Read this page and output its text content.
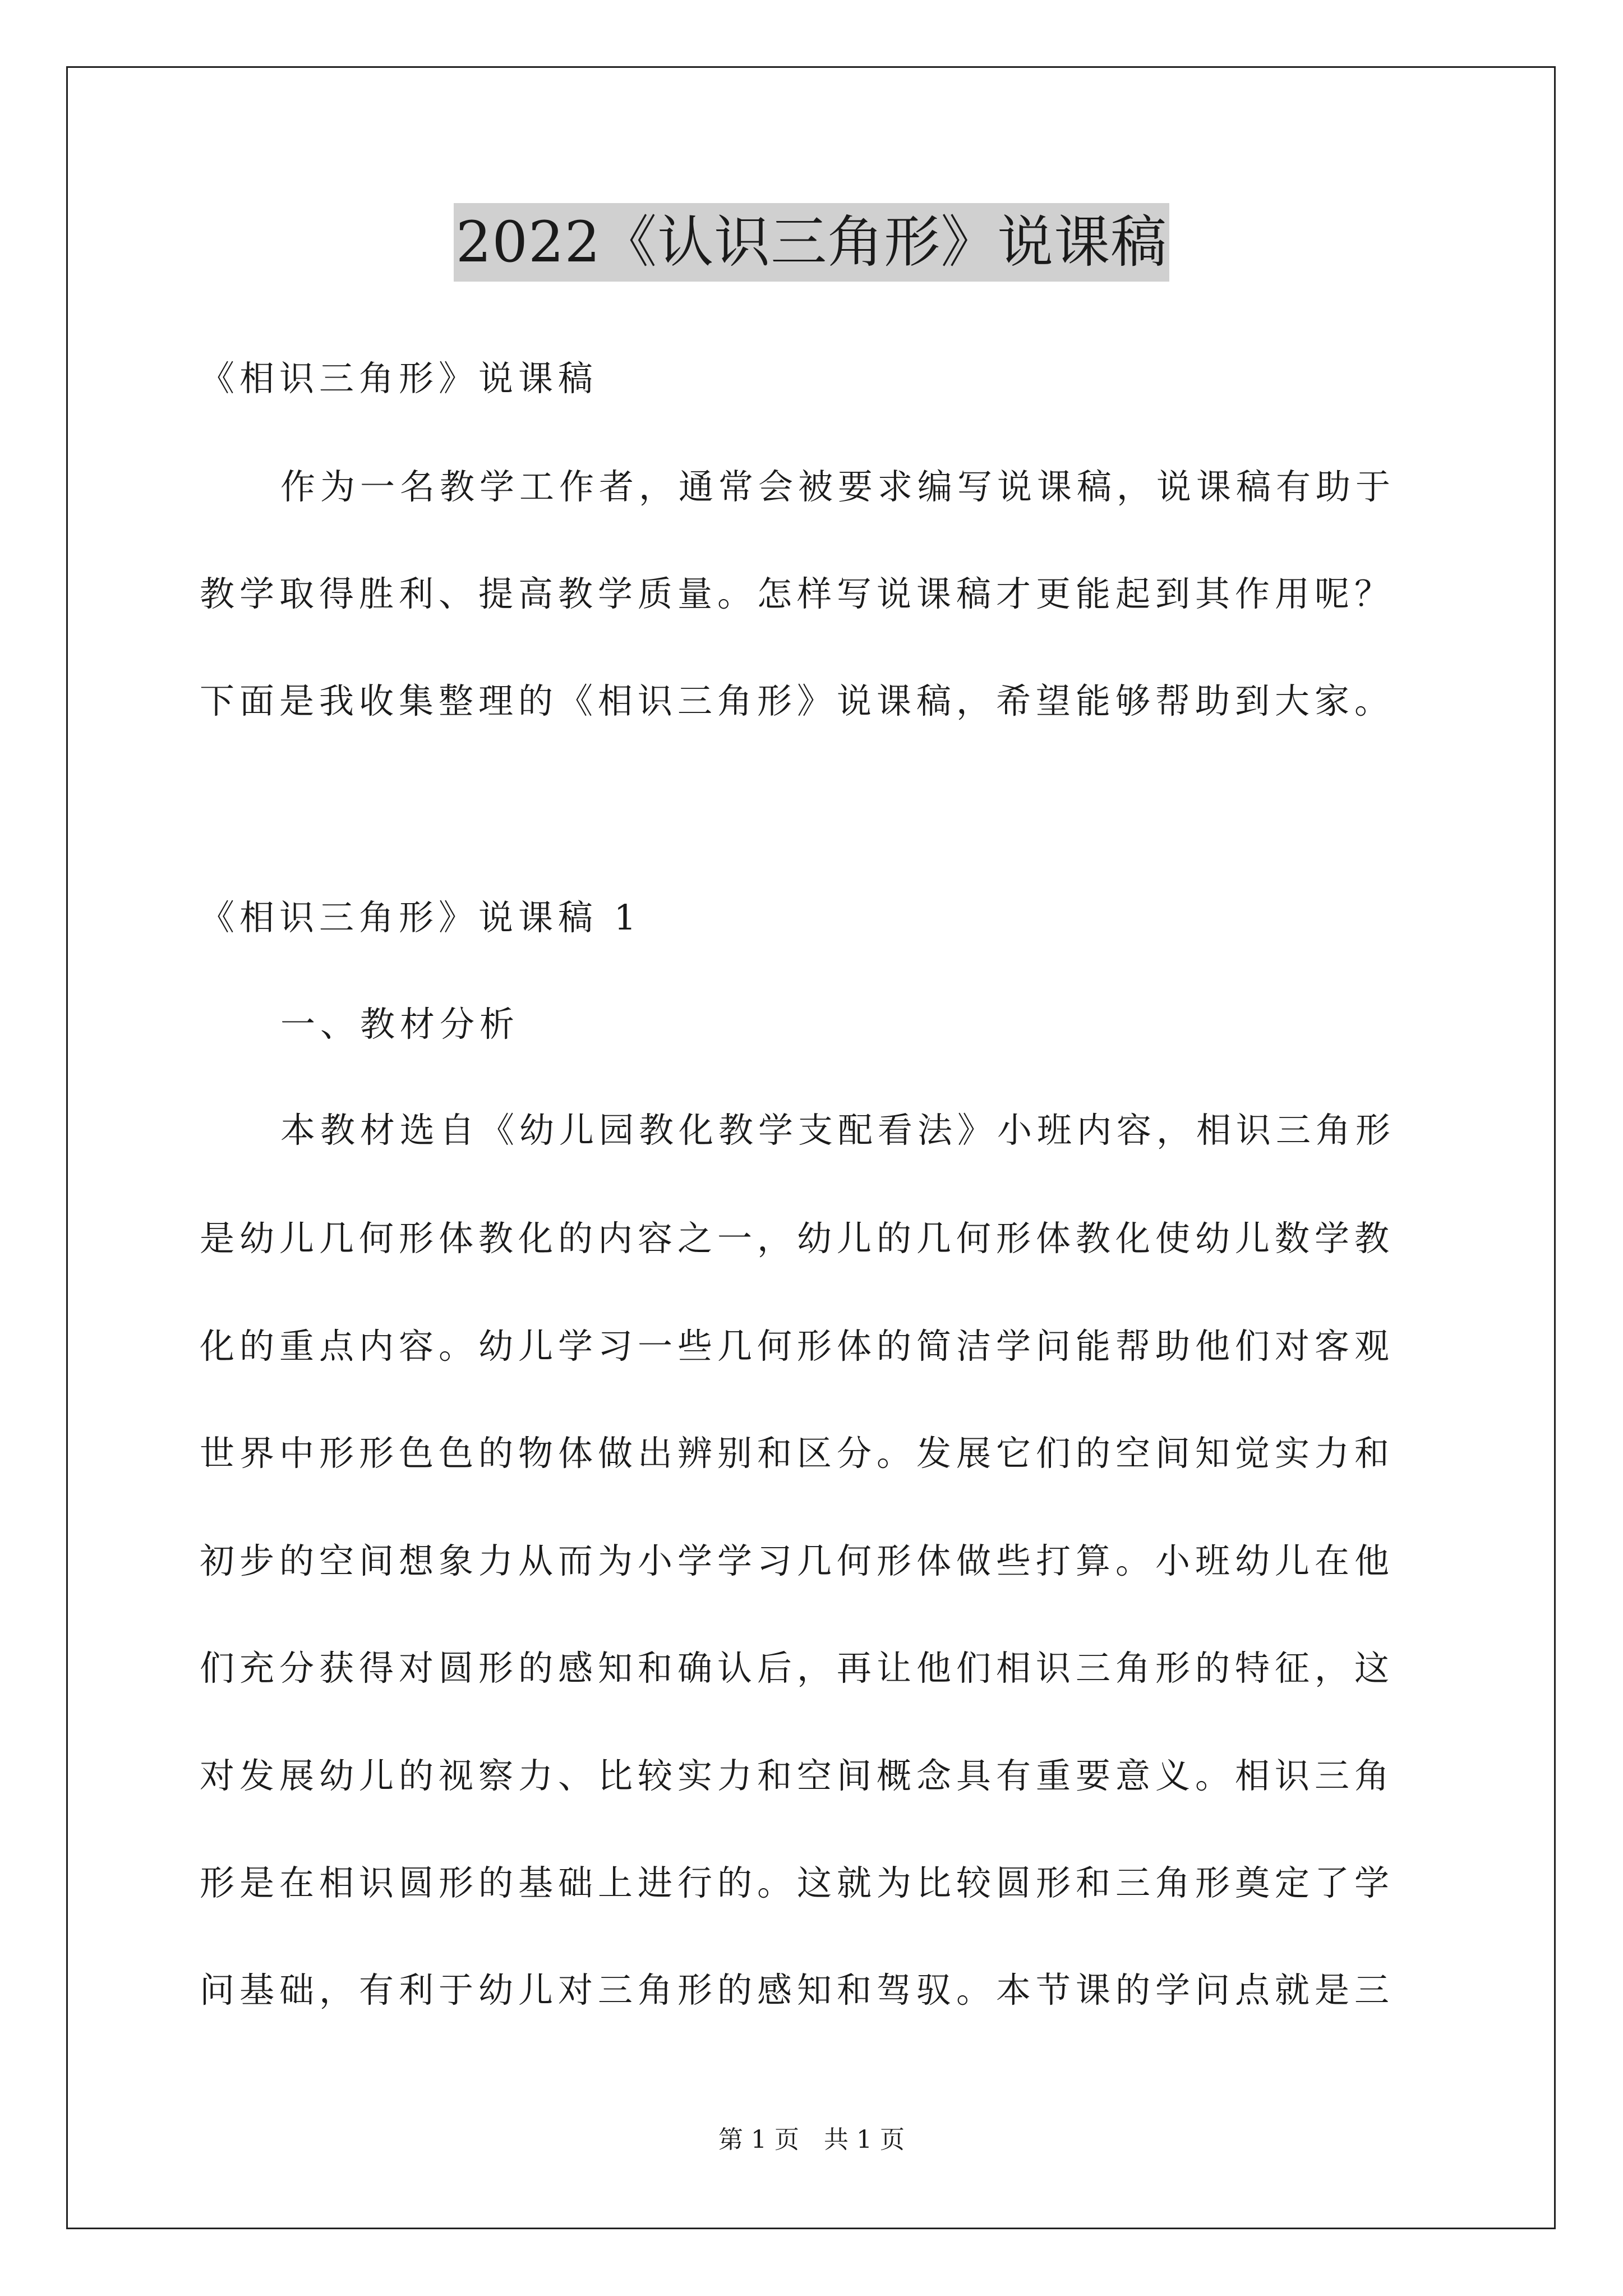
2022《认识三角形》说课稿
《相识三角形》说课稿
作为一名教学工作者，通常会被要求编写说课稿，说课稿有助于
教学取得胜利、提高教学质量。怎样写说课稿才更能起到其作用呢？
下面是我收集整理的《相识三角形》说课稿，希望能够帮助到大家。
《相识三角形》说课稿 1
一、教材分析
本教材选自《幼儿园教化教学支配看法》小班内容，相识三角形
是幼儿几何形体教化的内容之一，幼儿的几何形体教化使幼儿数学教
化的重点内容。幼儿学习一些几何形体的简洁学问能帮助他们对客观
世界中形形色色的物体做出辨别和区分。发展它们的空间知觉实力和
初步的空间想象力从而为小学学习几何形体做些打算。小班幼儿在他
们充分获得对圆形的感知和确认后，再让他们相识三角形的特征，这
对发展幼儿的视察力、比较实力和空间概念具有重要意义。相识三角
形是在相识圆形的基础上进行的。这就为比较圆形和三角形奠定了学
问基础，有利于幼儿对三角形的感知和驾驭。本节课的学问点就是三
第 1 页　共 1 页
